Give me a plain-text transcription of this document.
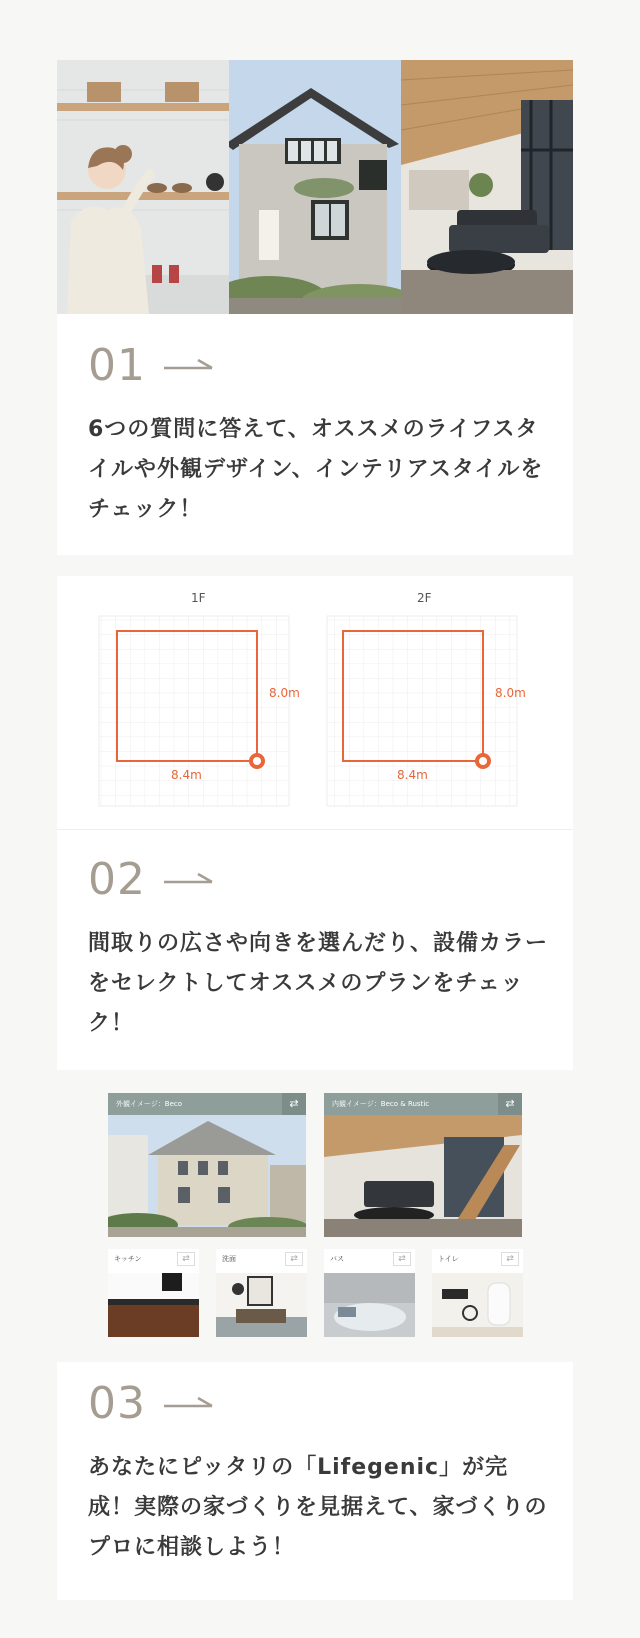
01

6つの質問に答えて、オススメのライフスタイルや外観デザイン、インテリアスタイルをチェック！

1F	2F
8.0m
8.4m
8.0m
8.4m
02

間取りの広さや向きを選んだり、設備カラーをセレクトしてオススメのプランをチェック！

外観イメージ：Beco	⇄	内観イメージ：Beco & Rustic	⇄
キッチン	⇄	洗面	⇄	バス	⇄	トイレ	⇄
03

あなたにピッタリの「Lifegenic」が完成！実際の家づくりを見据えて、家づくりのプロに相談しよう！
